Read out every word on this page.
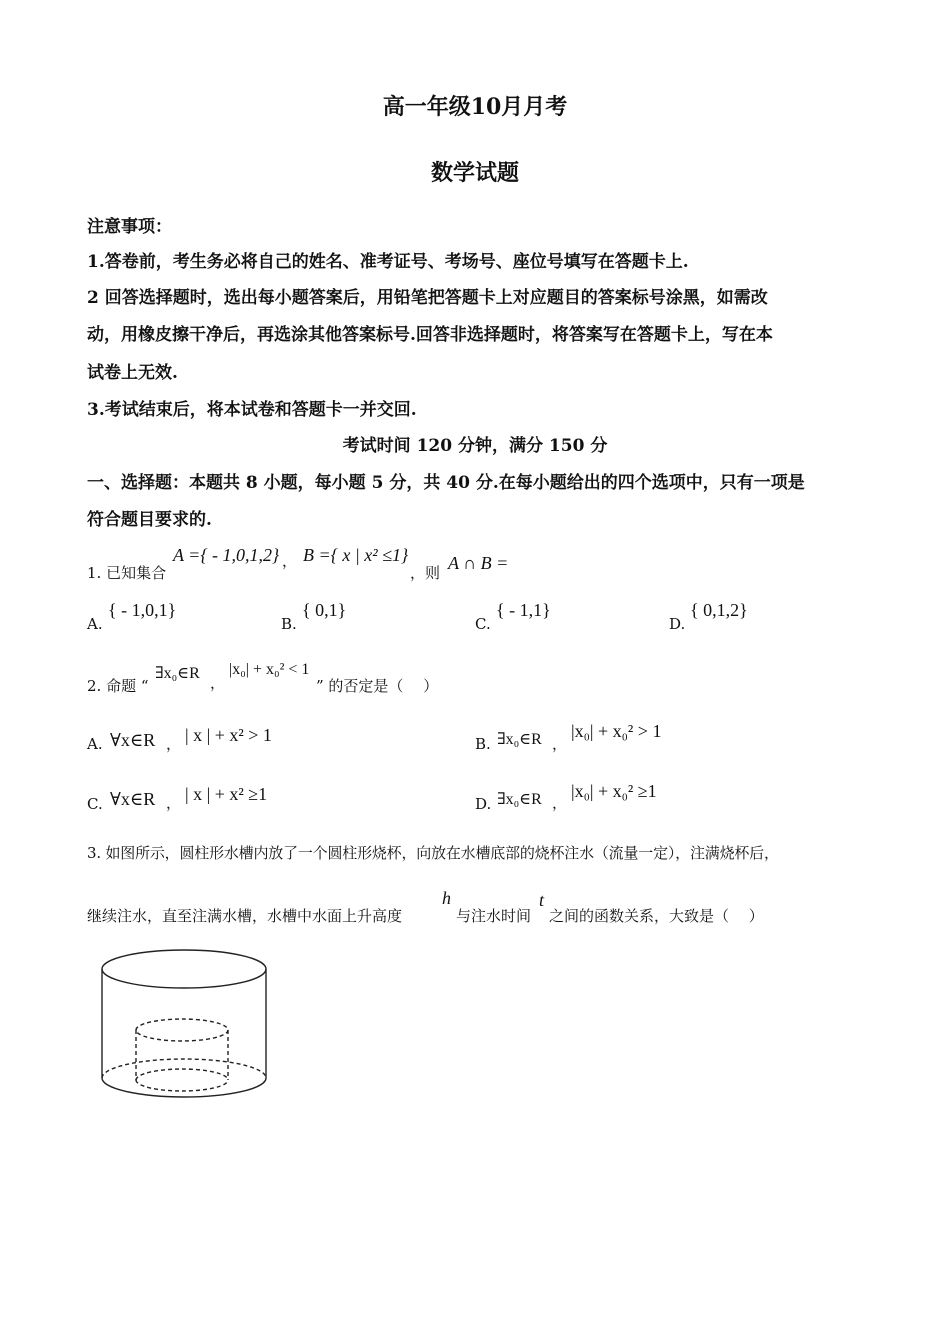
高一年级10月月考
数学试题
注意事项：
1.答卷前，考生务必将自己的姓名、准考证号、考场号、座位号填写在答题卡上.
2 回答选择题时，选出每小题答案后，用铅笔把答题卡上对应题目的答案标号涂黑，如需改
动，用橡皮擦干净后，再选涂其他答案标号.回答非选择题时，将答案写在答题卡上，写在本
试卷上无效.
3.考试结束后，将本试卷和答题卡一并交回.
考试时间 120 分钟，满分 150 分
一、选择题：本题共 8 小题，每小题 5 分，共 40 分.在每小题给出的四个选项中，只有一项是
符合题目要求的.
1. 已知集合
A ={ - 1,0,1,2} ， B ={ x | x² ≤1}
，则 A ∩ B =
A.
{ - 1,0,1}
B.
{ 0,1}
C.
{ - 1,1}
D.
{ 0,1,2}
2. 命题 “
∃x₀∈R
，
|x₀| + x₀² < 1
” 的否定是（　 ）
A. ∀x∈R ， | x | + x² > 1	B. ∃x₀∈R ，
|x₀| + x₀² > 1
C. ∀x∈R ， | x | + x² ≥1	D. ∃x₀∈R ，
|x₀| + x₀² ≥1
3. 如图所示，圆柱形水槽内放了一个圆柱形烧杯，向放在水槽底部的烧杯注水（流量一定），注满烧杯后，
继续注水，直至注满水槽，水槽中水面上升高度
h
与注水时间
t
之间的函数关系，大致是（　 ）
